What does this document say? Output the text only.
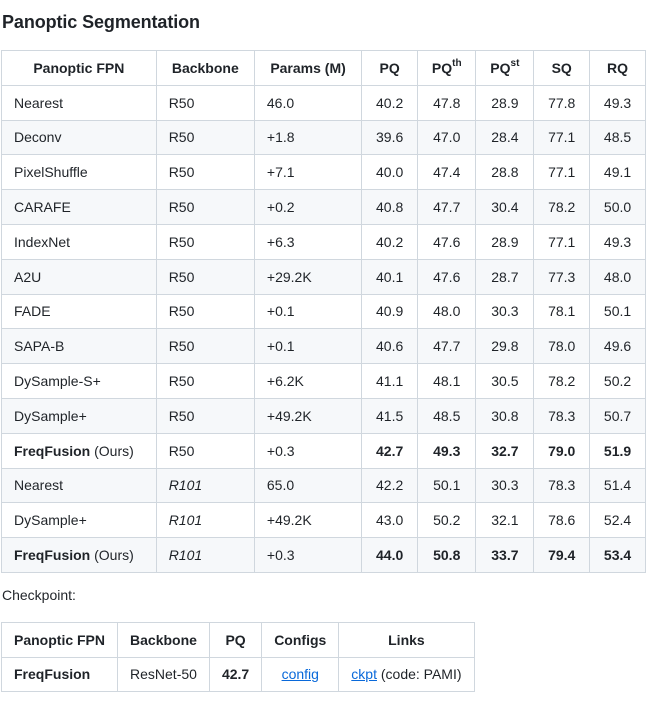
Panoptic Segmentation
Panoptic FPN	Backbone	Params (M)	PQ	$PQ^{th}$	$PQ^{st}$	SQ	RQ
Nearest	R50	46.0	40.2	47.8	28.9	77.8	49.3
Deconv	R50	+1.8	39.6	47.0	28.4	77.1	48.5
PixelShuffle	R50	+7.1	40.0	47.4	28.8	77.1	49.1
CARAFE	R50	+0.2	40.8	47.7	30.4	78.2	50.0
IndexNet	R50	+6.3	40.2	47.6	28.9	77.1	49.3
A2U	R50	+29.2K	40.1	47.6	28.7	77.3	48.0
FADE	R50	+0.1	40.9	48.0	30.3	78.1	50.1
SAPA-B	R50	+0.1	40.6	47.7	29.8	78.0	49.6
DySample-S+	R50	+6.2K	41.1	48.1	30.5	78.2	50.2
DySample+	R50	+49.2K	41.5	48.5	30.8	78.3	50.7
FreqFusion (Ours)	R50	+0.3	42.7	49.3	32.7	79.0	51.9
Nearest	R101	65.0	42.2	50.1	30.3	78.3	51.4
DySample+	R101	+49.2K	43.0	50.2	32.1	78.6	52.4
FreqFusion (Ours)	R101	+0.3	44.0	50.8	33.7	79.4	53.4
Checkpoint:
Panoptic FPN	Backbone	PQ	Configs	Links
FreqFusion	ResNet-50	42.7	config	ckpt (code: PAMI)
